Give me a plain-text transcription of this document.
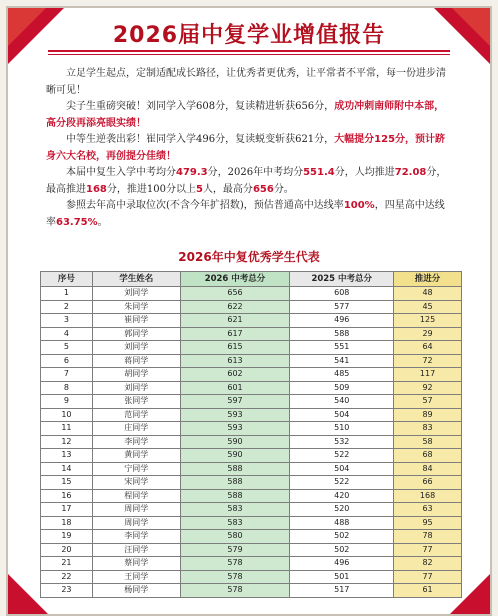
2026届中复学业增值报告

立足学生起点，定制适配成长路径，让优秀者更优秀，让平常者不平常，每一份进步清晰可见！

尖子生重磅突破！刘同学入学608分，复读精进斩获656分，成功冲刺南师附中本部，高分段再添亮眼实绩！

中等生逆袭出彩！崔同学入学496分，复读蜕变斩获621分，大幅提分125分，预计跻身六大名校，再创提分佳绩！

本届中复生入学中考均分479.3分，2026年中考均分551.4分，人均推进72.08分，最高推进168分，推进100分以上5人，最高分656分。

参照去年高中录取位次(不含今年扩招数)，预估普通高中达线率100%，四星高中达线率63.75%。

2026年中复优秀学生代表
序号	学生姓名	2026 中考总分	2025 中考总分	推进分
1	刘同学	656	608	48
2	朱同学	622	577	45
3	崔同学	621	496	125
4	郭同学	617	588	29
5	刘同学	615	551	64
6	蒋同学	613	541	72
7	胡同学	602	485	117
8	刘同学	601	509	92
9	张同学	597	540	57
10	范同学	593	504	89
11	庄同学	593	510	83
12	李同学	590	532	58
13	黄同学	590	522	68
14	宁同学	588	504	84
15	宋同学	588	522	66
16	程同学	588	420	168
17	周同学	583	520	63
18	周同学	583	488	95
19	李同学	580	502	78
20	汪同学	579	502	77
21	蔡同学	578	496	82
22	王同学	578	501	77
23	杨同学	578	517	61
